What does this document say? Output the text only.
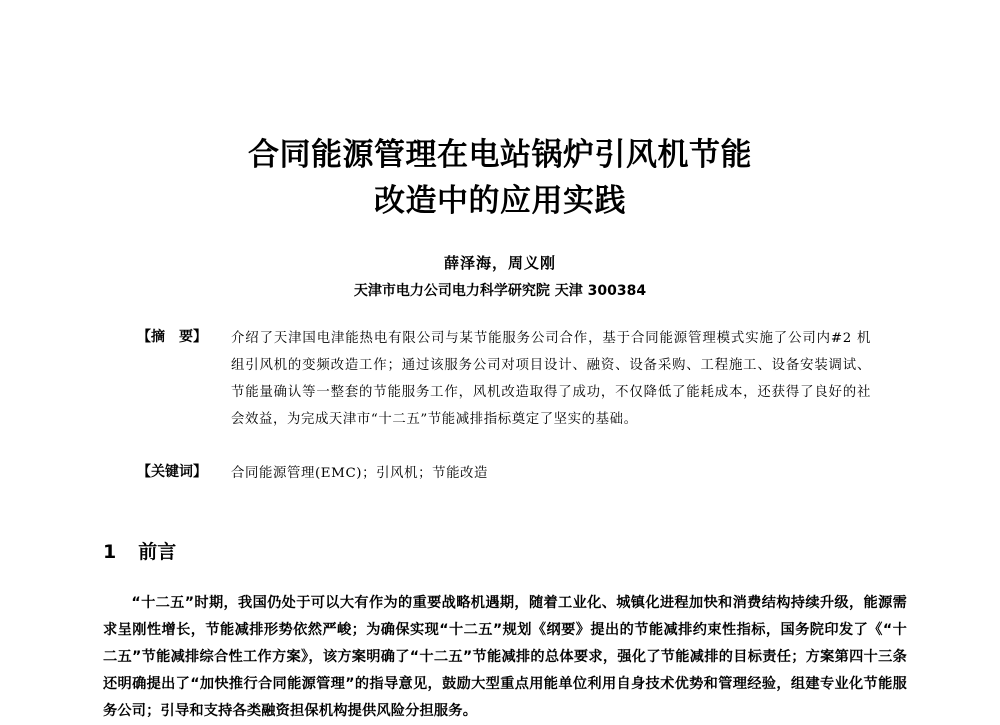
合同能源管理在电站锅炉引风机节能
改造中的应用实践
薛泽海，周义刚
天津市电力公司电力科学研究院 天津 300384
【摘　要】	介绍了天津国电津能热电有限公司与某节能服务公司合作，基于合同能源管理模式实施了公司内#2 机组引风机的变频改造工作；通过该服务公司对项目设计、融资、设备采购、工程施工、设备安装调试、节能量确认等一整套的节能服务工作，风机改造取得了成功，不仅降低了能耗成本，还获得了良好的社会效益，为完成天津市“十二五”节能减排指标奠定了坚实的基础。
【关键词】	合同能源管理(EMC)；引风机；节能改造
1 前言
“十二五”时期，我国仍处于可以大有作为的重要战略机遇期，随着工业化、城镇化进程加快和消费结构持续升级，能源需求呈刚性增长，节能减排形势依然严峻；为确保实现“十二五”规划《纲要》提出的节能减排约束性指标，国务院印发了《“十二五”节能减排综合性工作方案》，该方案明确了“十二五”节能减排的总体要求，强化了节能减排的目标责任；方案第四十三条还明确提出了“加快推行合同能源管理”的指导意见，鼓励大型重点用能单位利用自身技术优势和管理经验，组建专业化节能服务公司；引导和支持各类融资担保机构提供风险分担服务。
